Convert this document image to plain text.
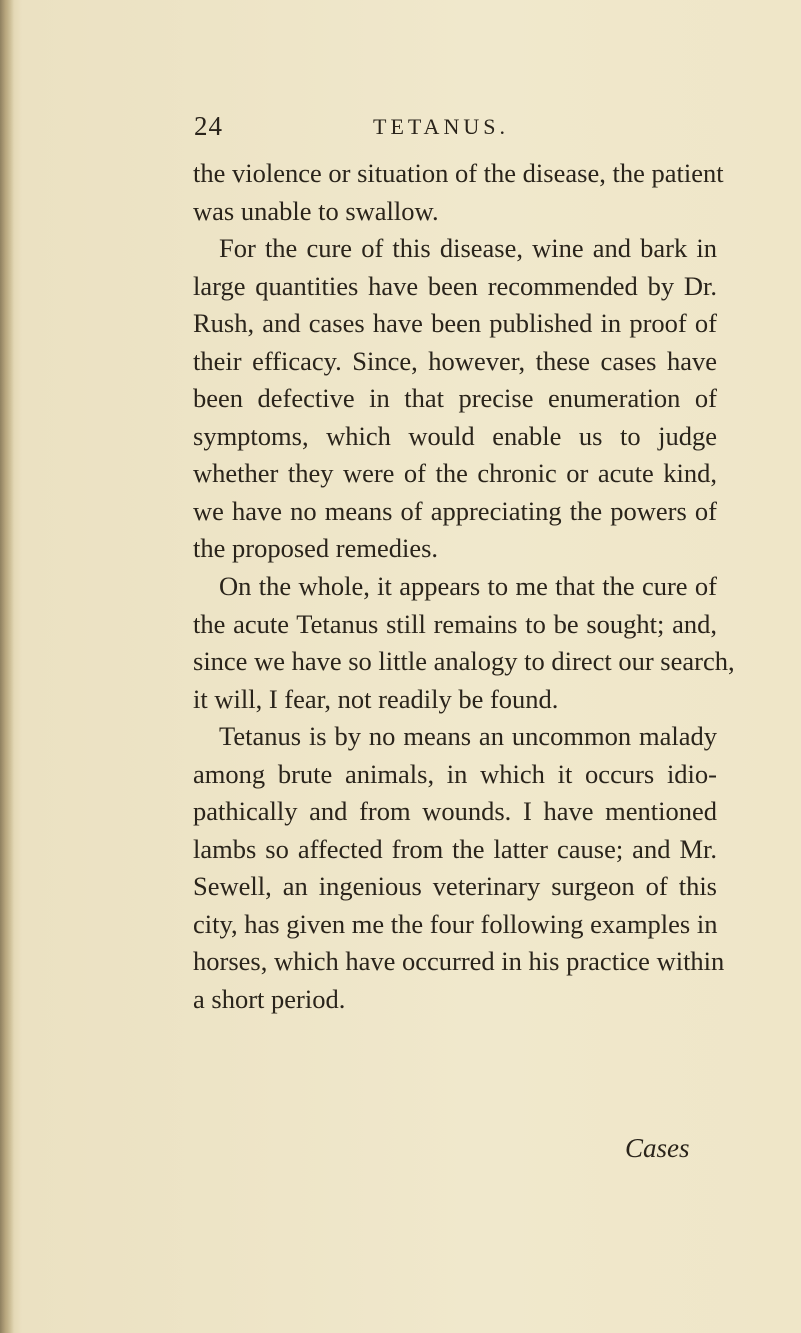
24	TETANUS.
the violence or situation of the disease, the patient
was unable to swallow.
For the cure of this disease, wine and bark in
large quantities have been recommended by Dr.
Rush, and cases have been published in proof of
their efficacy. Since, however, these cases have
been defective in that precise enumeration of
symptoms, which would enable us to judge
whether they were of the chronic or acute kind,
we have no means of appreciating the powers of
the proposed remedies.
On the whole, it appears to me that the cure of
the acute Tetanus still remains to be sought; and,
since we have so little analogy to direct our search,
it will, I fear, not readily be found.
Tetanus is by no means an uncommon malady
among brute animals, in which it occurs idio-
pathically and from wounds. I have mentioned
lambs so affected from the latter cause; and Mr.
Sewell, an ingenious veterinary surgeon of this
city, has given me the four following examples in
horses, which have occurred in his practice within
a short period.
Cases
